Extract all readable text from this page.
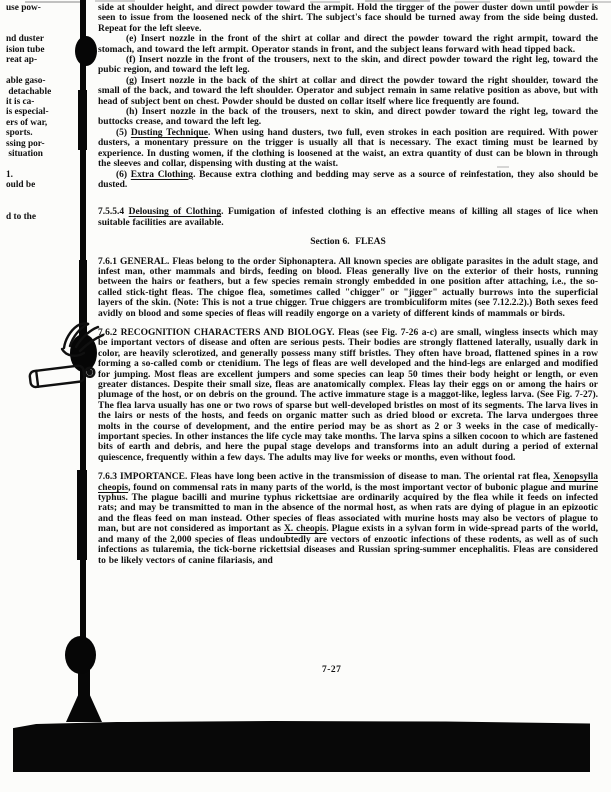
use pow-

nd duster
ision tube
reat ap-

able gaso-
detachable
it is ca-
is especial-
ers of war,
sports.
ssing por-
situation

1.
ould be

d to the

side at shoulder height, and direct powder toward the armpit. Hold the tirgger of the power duster down until powder is seen to issue from the loosened neck of the shirt. The subject's face should be turned away from the side being dusted. Repeat for the left sleeve.

(e) Insert nozzle in the front of the shirt at collar and direct the powder toward the right armpit, toward the stomach, and toward the left armpit. Operator stands in front, and the subject leans forward with head tipped back.

(f) Insert nozzle in the front of the trousers, next to the skin, and direct powder toward the right leg, toward the pubic region, and toward the left leg.

(g) Insert nozzle in the back of the shirt at collar and direct the powder toward the right shoulder, toward the small of the back, and toward the left shoulder. Operator and subject remain in same relative position as above, but with head of subject bent on chest. Powder should be dusted on collar itself where lice frequently are found.

(h) Insert nozzle in the back of the trousers, next to skin, and direct powder toward the right leg, toward the buttocks crease, and toward the left leg.

(5) Dusting Technique. When using hand dusters, two full, even strokes in each position are required. With power dusters, a monentary pressure on the trigger is usually all that is necessary. The exact timing must be learned by experience. In dusting women, if the clothing is loosened at the waist, an extra quantity of dust can be blown in through the sleeves and collar, dispensing with dusting at the waist.

(6) Extra Clothing. Because extra clothing and bedding may serve as a source of reinfestation, they also should be dusted.

7.5.5.4 Delousing of Clothing. Fumigation of infested clothing is an effective means of killing all stages of lice when suitable facilities are available.

Section 6.  FLEAS

7.6.1 GENERAL. Fleas belong to the order Siphonaptera. All known species are obligate parasites in the adult stage, and infest man, other mammals and birds, feeding on blood. Fleas generally live on the exterior of their hosts, running between the hairs or feathers, but a few species remain strongly embedded in one position after attaching, i.e., the so-called stick-tight fleas. The chigoe flea, sometimes called "chigger" or "jigger" actually burrows into the superficial layers of the skin. (Note: This is not a true chigger. True chiggers are trombiculiform mites (see 7.12.2.2).) Both sexes feed avidly on blood and some species of fleas will readily engorge on a variety of different kinds of mammals or birds.

7.6.2 RECOGNITION CHARACTERS AND BIOLOGY. Fleas (see Fig. 7-26 a-c) are small, wingless insects which may be important vectors of disease and often are serious pests. Their bodies are strongly flattened laterally, usually dark in color, are heavily sclerotized, and generally possess many stiff bristles. They often have broad, flattened spines in a row forming a so-called comb or ctenidium. The legs of fleas are well developed and the hind-legs are enlarged and modified for jumping. Most fleas are excellent jumpers and some species can leap 50 times their body height or length, or even greater distances. Despite their small size, fleas are anatomically complex. Fleas lay their eggs on or among the hairs or plumage of the host, or on debris on the ground. The active immature stage is a maggot-like, legless larva. (See Fig. 7-27). The flea larva usually has one or two rows of sparse but well-developed bristles on most of its segments. The larva lives in the lairs or nests of the hosts, and feeds on organic matter such as dried blood or excreta. The larva undergoes three molts in the course of development, and the entire period may be as short as 2 or 3 weeks in the case of medically-important species. In other instances the life cycle may take months. The larva spins a silken cocoon to which are fastened bits of earth and debris, and here the pupal stage develops and transforms into an adult during a period of external quiescence, frequently within a few days. The adults may live for weeks or months, even without food.

7.6.3 IMPORTANCE. Fleas have long been active in the transmission of disease to man. The oriental rat flea, Xenopsylla cheopis, found on commensal rats in many parts of the world, is the most important vector of bubonic plague and murine typhus. The plague bacilli and murine typhus rickettsiae are ordinarily acquired by the flea while it feeds on infected rats; and may be transmitted to man in the absence of the normal host, as when rats are dying of plague in an epizootic and the fleas feed on man instead. Other species of fleas associated with murine hosts may also be vectors of plague to man, but are not considered as important as X. cheopis. Plague exists in a sylvan form in wide-spread parts of the world, and many of the 2,000 species of fleas undoubtedly are vectors of enzootic infections of these rodents, as well as of such infections as tularemia, the tick-borne rickettsial diseases and Russian spring-summer encephalitis. Fleas are considered to be likely vectors of canine filariasis, and

7-27
